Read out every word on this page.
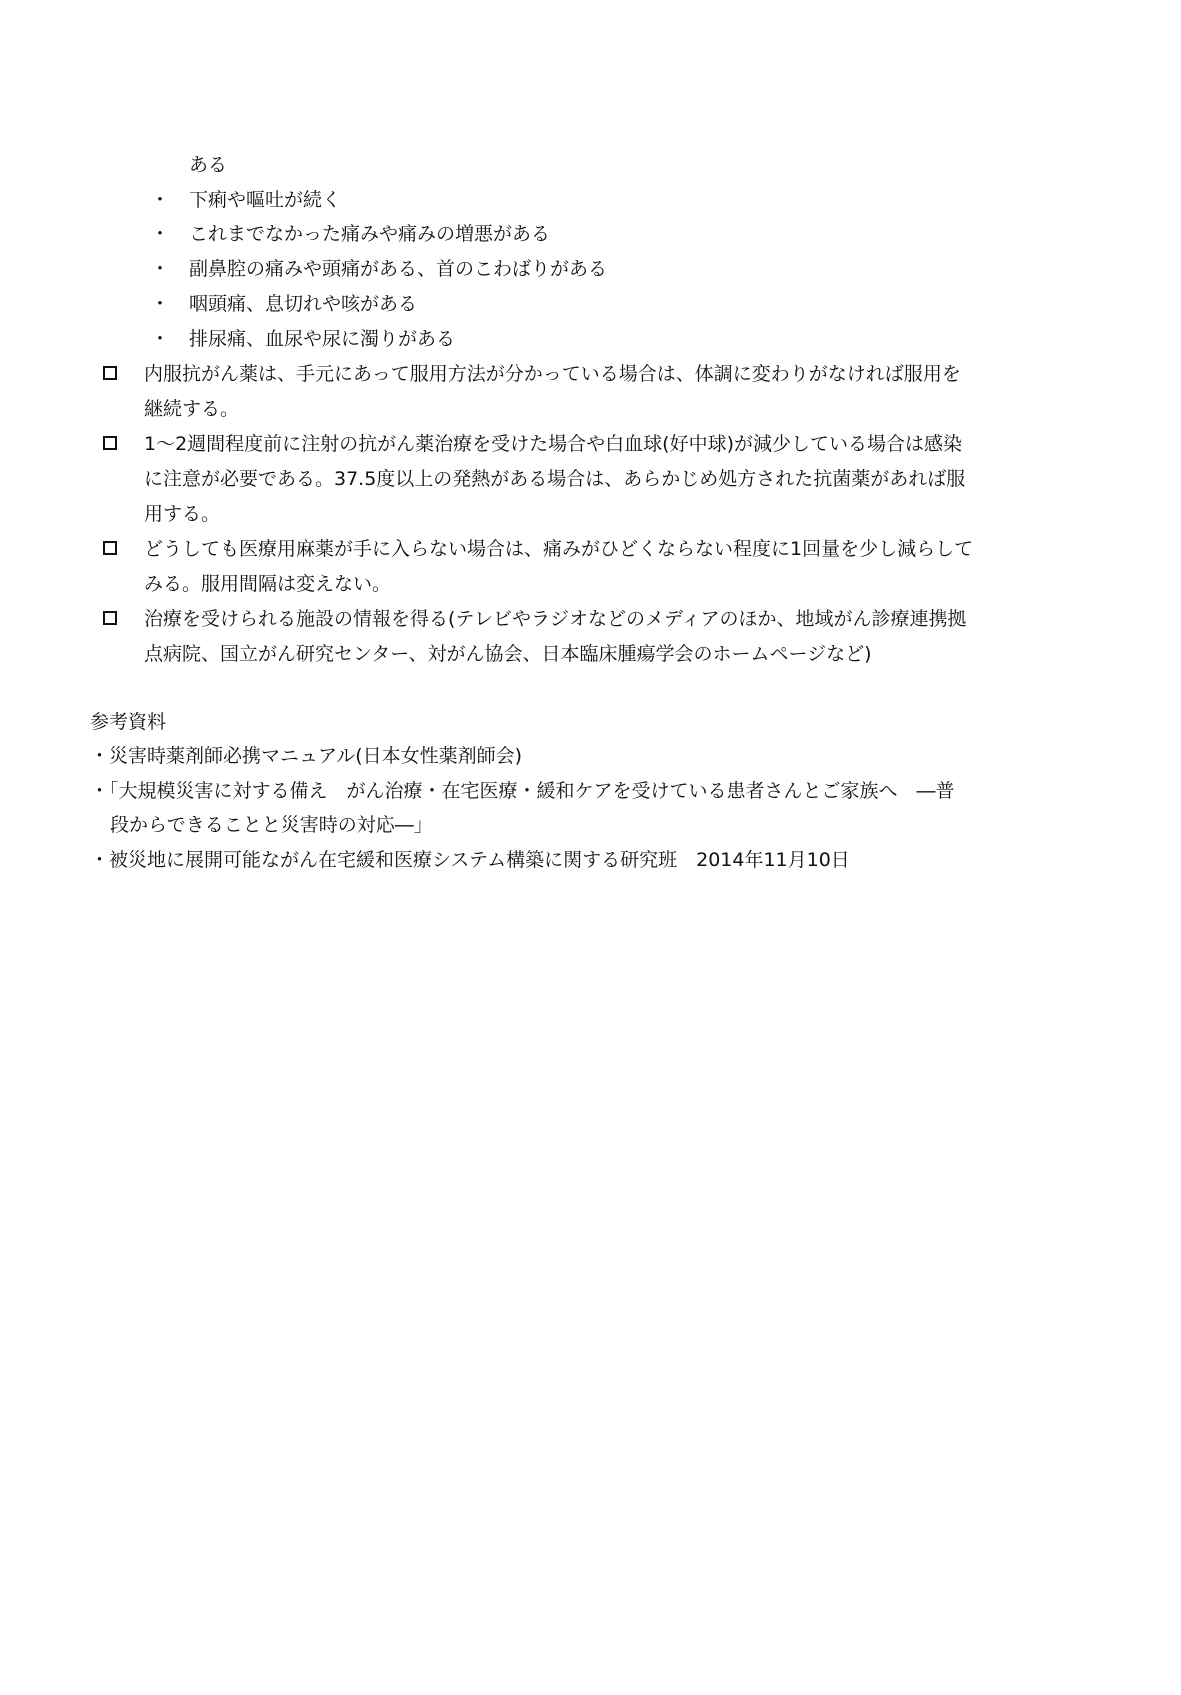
ある
・ 下痢や嘔吐が続く
・ これまでなかった痛みや痛みの増悪がある
・ 副鼻腔の痛みや頭痛がある、首のこわばりがある
・ 咽頭痛、息切れや咳がある
・ 排尿痛、血尿や尿に濁りがある
内服抗がん薬は、手元にあって服用方法が分かっている場合は、体調に変わりがなければ服用を
継続する。
1～2週間程度前に注射の抗がん薬治療を受けた場合や白血球(好中球)が減少している場合は感染
に注意が必要である。37.5度以上の発熱がある場合は、あらかじめ処方された抗菌薬があれば服
用する。
どうしても医療用麻薬が手に入らない場合は、痛みがひどくならない程度に1回量を少し減らして
みる。服用間隔は変えない。
治療を受けられる施設の情報を得る(テレビやラジオなどのメディアのほか、地域がん診療連携拠
点病院、国立がん研究センター、対がん協会、日本臨床腫瘍学会のホームページなど)
参考資料
・災害時薬剤師必携マニュアル(日本女性薬剤師会)
・「大規模災害に対する備え　がん治療・在宅医療・緩和ケアを受けている患者さんとご家族へ　―普
段からできることと災害時の対応―」
・被災地に展開可能ながん在宅緩和医療システム構築に関する研究班　2014年11月10日
